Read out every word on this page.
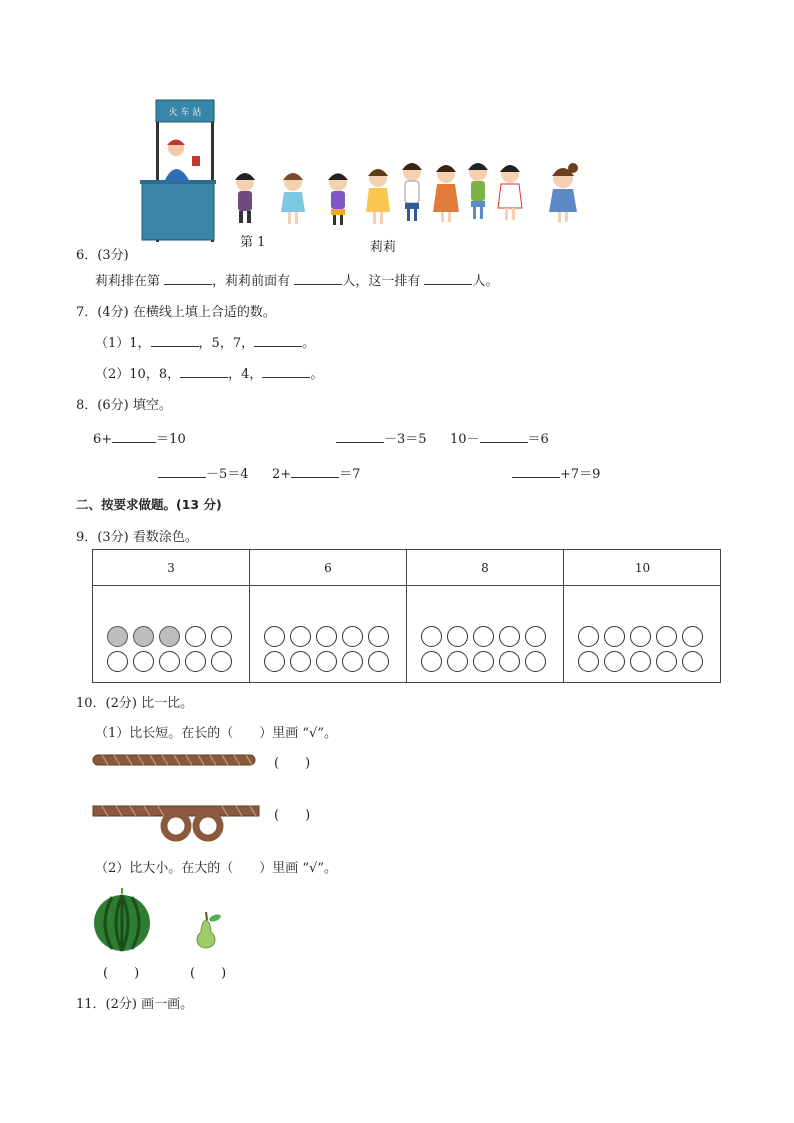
火 车 站
第 1	莉莉
6．(3分)
莉莉排在第	，莉莉前面有	人，这一排有	人。
7．(4分) 在横线上填上合适的数。
（1）1，	，5，7，	。
（2）10，8，	，4，	。
8．(6分) 填空。
6+	＝10	－3＝5 10－	＝6
－5＝4 2+	＝7	+7＝9
二、按要求做题。(13 分)
9．(3分) 看数涂色。
3	6	8	10
10．(2分) 比一比。
（1）比长短。在长的（　　）里画 “√”。
(　　)
(　　)
（2）比大小。在大的（　　）里画 “√”。
(　　)	(　　)
11．(2分) 画一画。
